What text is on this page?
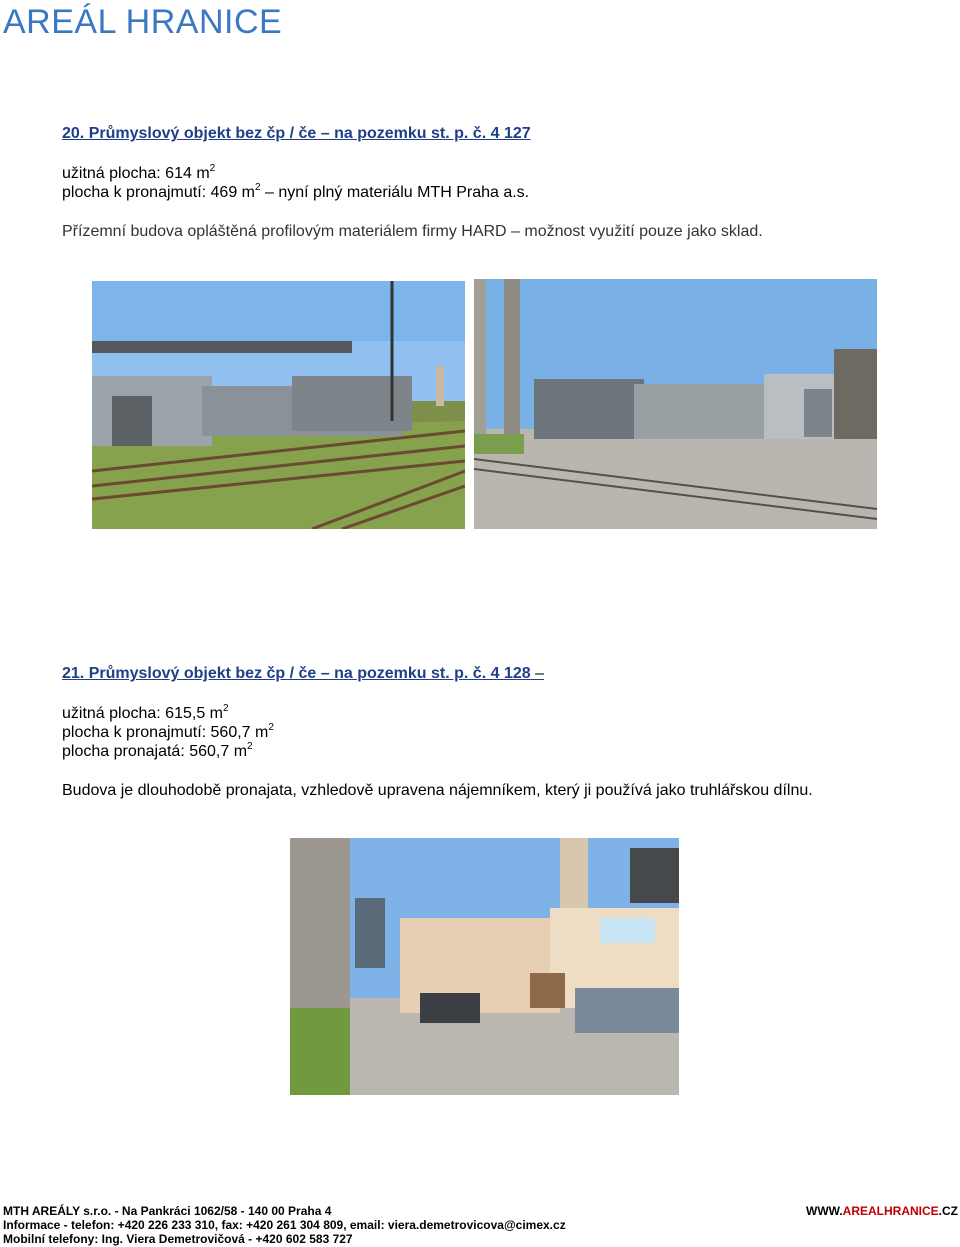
AREÁL HRANICE
20. Průmyslový objekt bez čp / če – na pozemku st. p. č. 4 127
užitná plocha: 614 $m^2$
plocha k pronajmutí: 469 $m^2$ – nyní plný materiálu MTH Praha a.s.
Přízemní budova opláštěná profilovým materiálem firmy HARD – možnost využití pouze jako sklad.
21. Průmyslový objekt bez čp / če – na pozemku st. p. č. 4 128 –
užitná plocha: 615,5 $m^2$
plocha k pronajmutí: 560,7 $m^2$
plocha pronajatá: 560,7 $m^2$
Budova je dlouhodobě pronajata, vzhledově upravena nájemníkem, který ji používá jako truhlářskou dílnu.
MTH AREÁLY s.r.o. - Na Pankráci 1062/58 - 140 00 Praha 4	WWW.AREALHRANICE.CZ
Informace - telefon: +420 226 233 310, fax: +420 261 304 809, email: viera.demetrovicova@cimex.cz
Mobilní telefony: Ing. Viera Demetrovičová - +420 602 583 727
